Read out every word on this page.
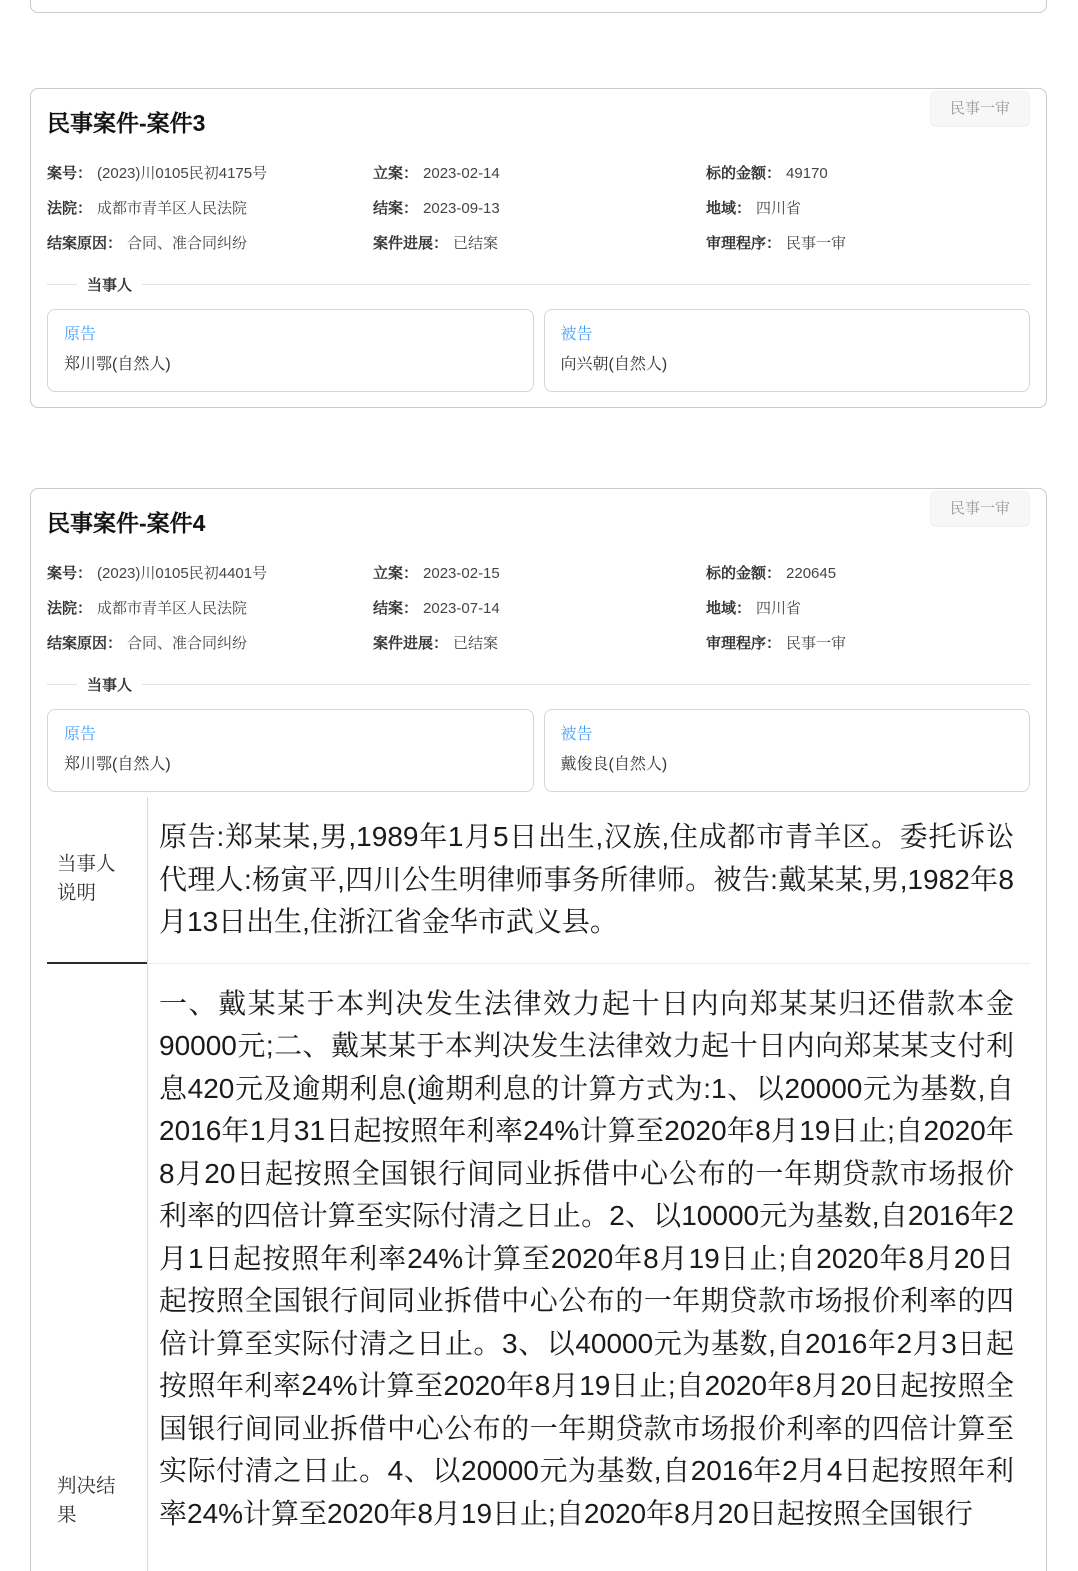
民事案件-案件3
民事一审
案号： (2023)川0105民初4175号	立案： 2023-02-14	标的金额： 49170
法院： 成都市青羊区人民法院	结案： 2023-09-13	地域： 四川省
结案原因： 合同、准合同纠纷	案件进展： 已结案	审理程序： 民事一审
当事人
原告
郑川鄂(自然人)
被告
向兴朝(自然人)
民事案件-案件4
民事一审
案号： (2023)川0105民初4401号	立案： 2023-02-15	标的金额： 220645
法院： 成都市青羊区人民法院	结案： 2023-07-14	地域： 四川省
结案原因： 合同、准合同纠纷	案件进展： 已结案	审理程序： 民事一审
当事人
原告
郑川鄂(自然人)
被告
戴俊良(自然人)
当事人说明
原告:郑某某,男,1989年1月5日出生,汉族,住成都市青羊区。委托诉讼代理人:杨寅平,四川公生明律师事务所律师。被告:戴某某,男,1982年8月13日出生,住浙江省金华市武义县。
判决结果
一、戴某某于本判决发生法律效力起十日内向郑某某归还借款本金90000元;二、戴某某于本判决发生法律效力起十日内向郑某某支付利息420元及逾期利息(逾期利息的计算方式为:1、以20000元为基数,自2016年1月31日起按照年利率24%计算至2020年8月19日止;自2020年8月20日起按照全国银行间同业拆借中心公布的一年期贷款市场报价利率的四倍计算至实际付清之日止。2、以10000元为基数,自2016年2月1日起按照年利率24%计算至2020年8月19日止;自2020年8月20日起按照全国银行间同业拆借中心公布的一年期贷款市场报价利率的四倍计算至实际付清之日止。3、以40000元为基数,自2016年2月3日起按照年利率24%计算至2020年8月19日止;自2020年8月20日起按照全国银行间同业拆借中心公布的一年期贷款市场报价利率的四倍计算至实际付清之日止。4、以20000元为基数,自2016年2月4日起按照年利率24%计算至2020年8月19日止;自2020年8月20日起按照全国银行
